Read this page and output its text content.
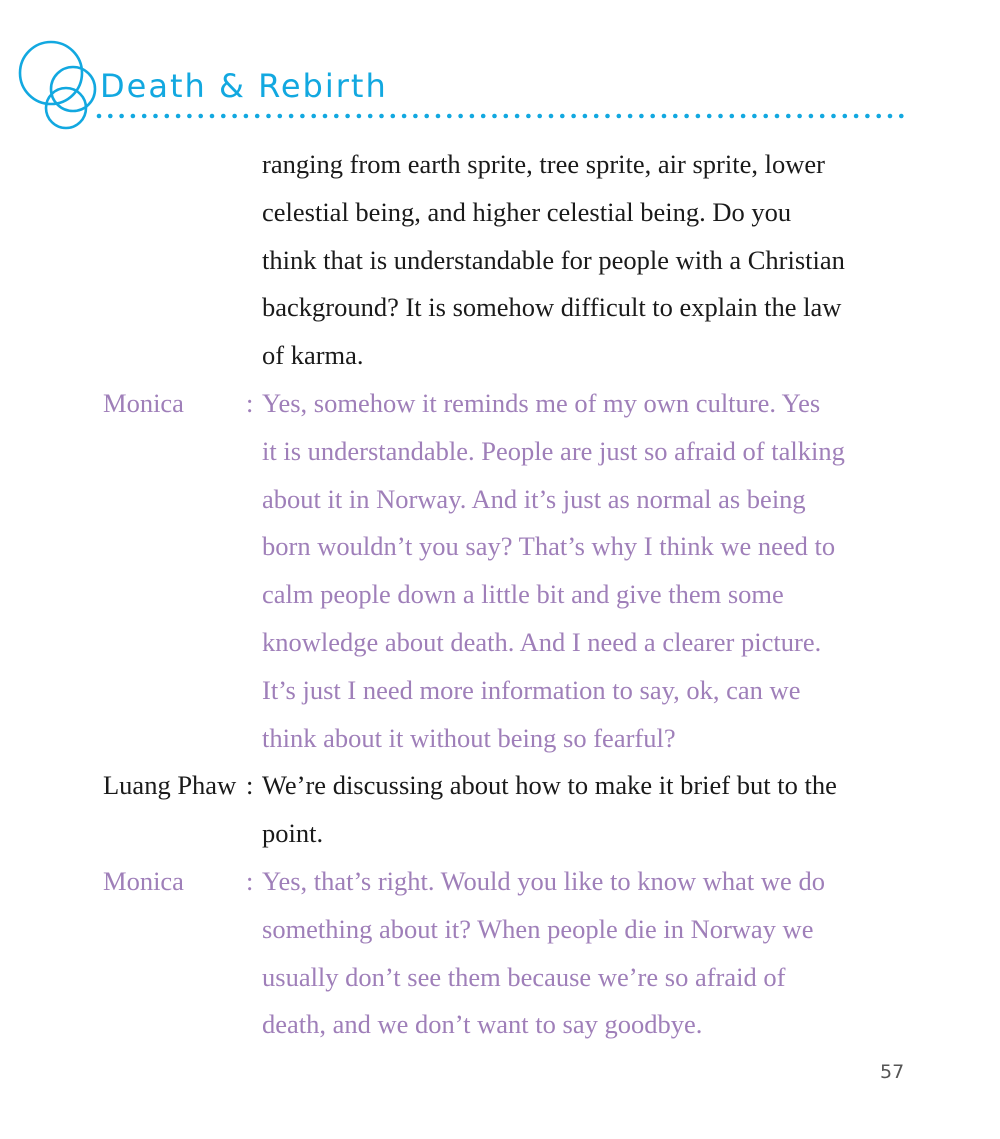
Death & Rebirth
ranging from earth sprite, tree sprite, air sprite, lower
celestial being, and higher celestial being. Do you
think that is understandable for people with a Christian
background? It is somehow difficult to explain the law
of karma.
Monica : Yes, somehow it reminds me of my own culture. Yes
it is understandable. People are just so afraid of talking
about it in Norway. And it’s just as normal as being
born wouldn’t you say? That’s why I think we need to
calm people down a little bit and give them some
knowledge about death. And I need a clearer picture.
It’s just I need more information to say, ok, can we
think about it without being so fearful?
Luang Phaw : We’re discussing about how to make it brief but to the
point.
Monica : Yes, that’s right. Would you like to know what we do
something about it? When people die in Norway we
usually don’t see them because we’re so afraid of
death, and we don’t want to say goodbye.
57
